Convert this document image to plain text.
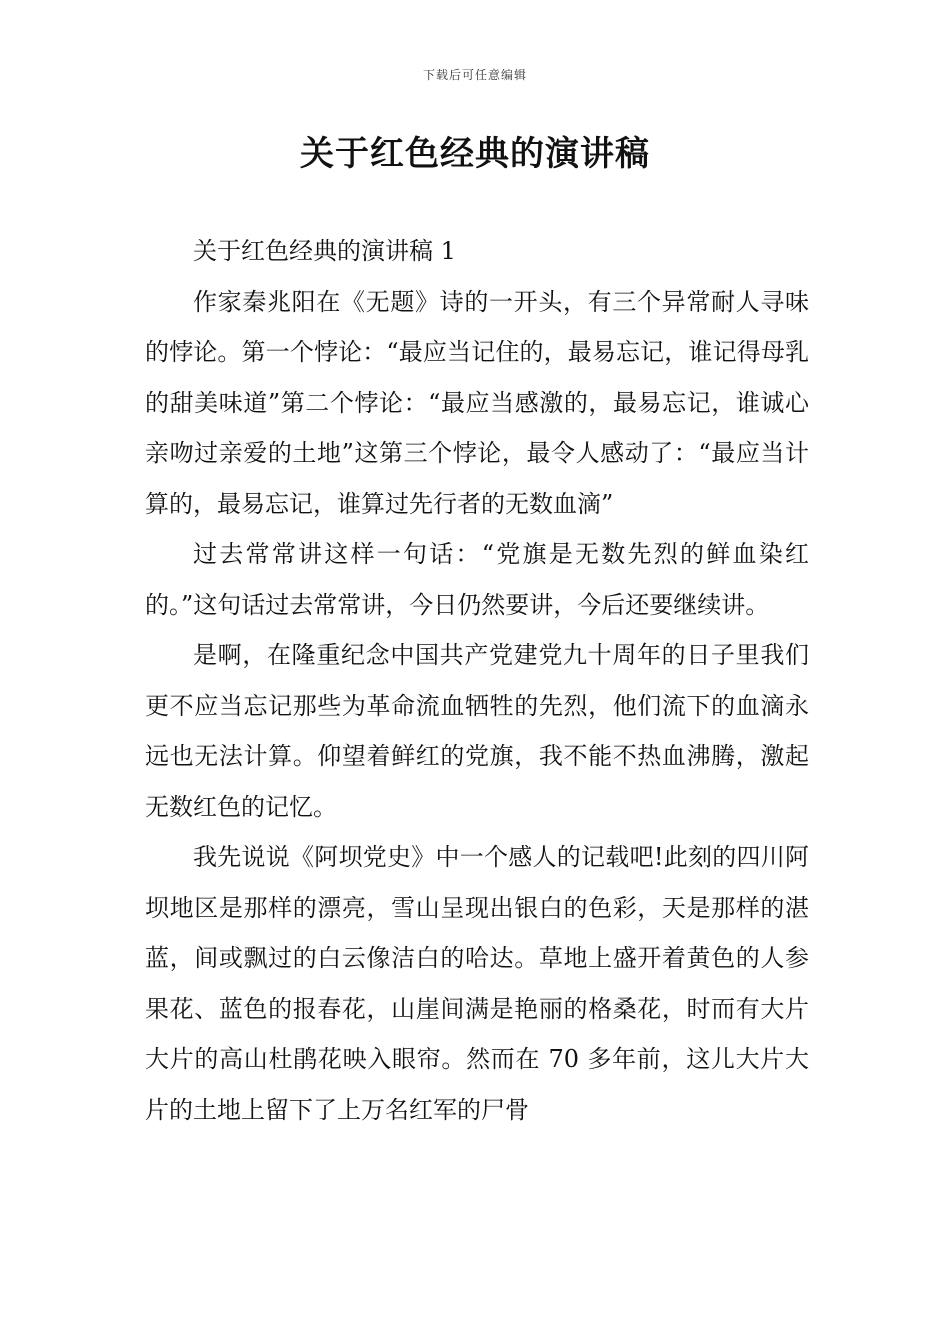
下载后可任意编辑
关于红色经典的演讲稿

关于红色经典的演讲稿 1

作家秦兆阳在《无题》诗的一开头，有三个异常耐人寻味的悖论。第一个悖论：“最应当记住的，最易忘记，谁记得母乳的甜美味道”第二个悖论：“最应当感激的，最易忘记，谁诚心亲吻过亲爱的土地”这第三个悖论，最令人感动了：“最应当计算的，最易忘记，谁算过先行者的无数血滴”

过去常常讲这样一句话：“党旗是无数先烈的鲜血染红的。”这句话过去常常讲，今日仍然要讲，今后还要继续讲。

是啊，在隆重纪念中国共产党建党九十周年的日子里我们更不应当忘记那些为革命流血牺牲的先烈，他们流下的血滴永远也无法计算。仰望着鲜红的党旗，我不能不热血沸腾，激起无数红色的记忆。

我先说说《阿坝党史》中一个感人的记载吧!此刻的四川阿坝地区是那样的漂亮，雪山呈现出银白的色彩，天是那样的湛蓝，间或飘过的白云像洁白的哈达。草地上盛开着黄色的人参果花、蓝色的报春花，山崖间满是艳丽的格桑花，时而有大片大片的高山杜鹃花映入眼帘。然而在 70 多年前，这儿大片大片的土地上留下了上万名红军的尸骨
